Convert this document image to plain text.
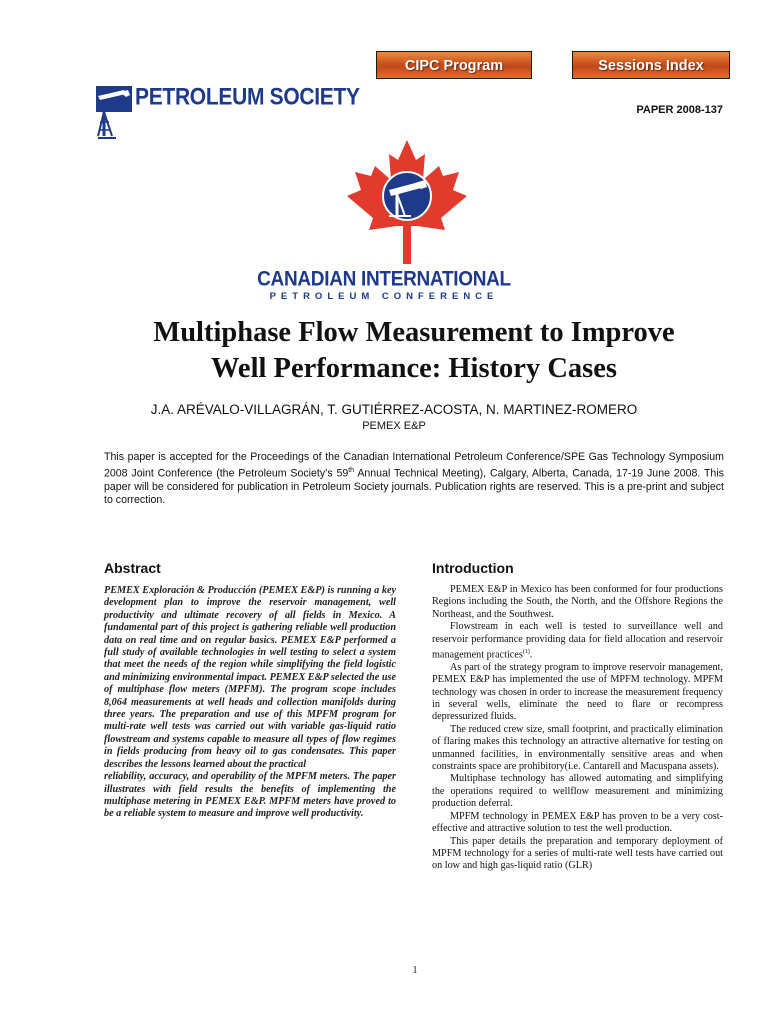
CIPC Program	Sessions Index
PETROLEUM SOCIETY	PAPER 2008-137
CANADIAN INTERNATIONAL
PETROLEUM CONFERENCE
Multiphase Flow Measurement to Improve
Well Performance: History Cases
J.A. ARÉVALO-VILLAGRÁN, T. GUTIÉRREZ-ACOSTA, N. MARTINEZ-ROMERO
PEMEX E&P
This paper is accepted for the Proceedings of the Canadian International Petroleum Conference/SPE Gas Technology Symposium 2008 Joint Conference (the Petroleum Society’s 59th Annual Technical Meeting), Calgary, Alberta, Canada, 17-19 June 2008. This paper will be considered for publication in Petroleum Society journals. Publication rights are reserved. This is a pre-print and subject to correction.
Abstract
PEMEX Exploración & Producción (PEMEX E&P) is running a key development plan to improve the reservoir management, well productivity and ultimate recovery of all fields in Mexico. A fundamental part of this project is gathering reliable well production data on real time and on regular basics. PEMEX E&P performed a full study of available technologies in well testing to select a system that meet the needs of the region while simplifying the field logistic and minimizing environmental impact. PEMEX E&P selected the use of multiphase flow meters (MPFM). The program scope includes 8,064 measurements at well heads and collection manifolds during three years. The preparation and use of this MPFM program for multi-rate well tests was carried out with variable gas-liquid ratio flowstream and systems capable to measure all types of flow regimes in fields producing from heavy oil to gas condensates. This paper describes the lessons learned about the practical
reliability, accuracy, and operability of the MPFM meters. The paper illustrates with field results the benefits of implementing the multiphase metering in PEMEX E&P. MPFM meters have proved to be a reliable system to measure and improve well productivity.
Introduction

PEMEX E&P in Mexico has been conformed for four productions Regions including the South, the North, and the Offshore Regions the Northeast, and the Southwest.

Flowstream in each well is tested to surveillance well and reservoir performance providing data for field allocation and reservoir management practices$^{(1)}$.

As part of the strategy program to improve reservoir management, PEMEX E&P has implemented the use of MPFM technology. MPFM technology was chosen in order to increase the measurement frequency in several wells, eliminate the need to flare or recompress depressurized fluids.

The reduced crew size, small footprint, and practically elimination of flaring makes this technology an attractive alternative for testing on unmanned facilities, in environmentally sensitive areas and when constraints space are prohibitory(i.e. Cantarell and Macuspana assets).

Multiphase technology has allowed automating and simplifying the operations required to wellflow measurement and minimizing production deferral.

MPFM technology in PEMEX E&P has proven to be a very cost-effective and attractive solution to test the well production.

This paper details the preparation and temporary deployment of MPFM technology for a series of multi-rate well tests have carried out on low and high gas-liquid ratio (GLR)

1
